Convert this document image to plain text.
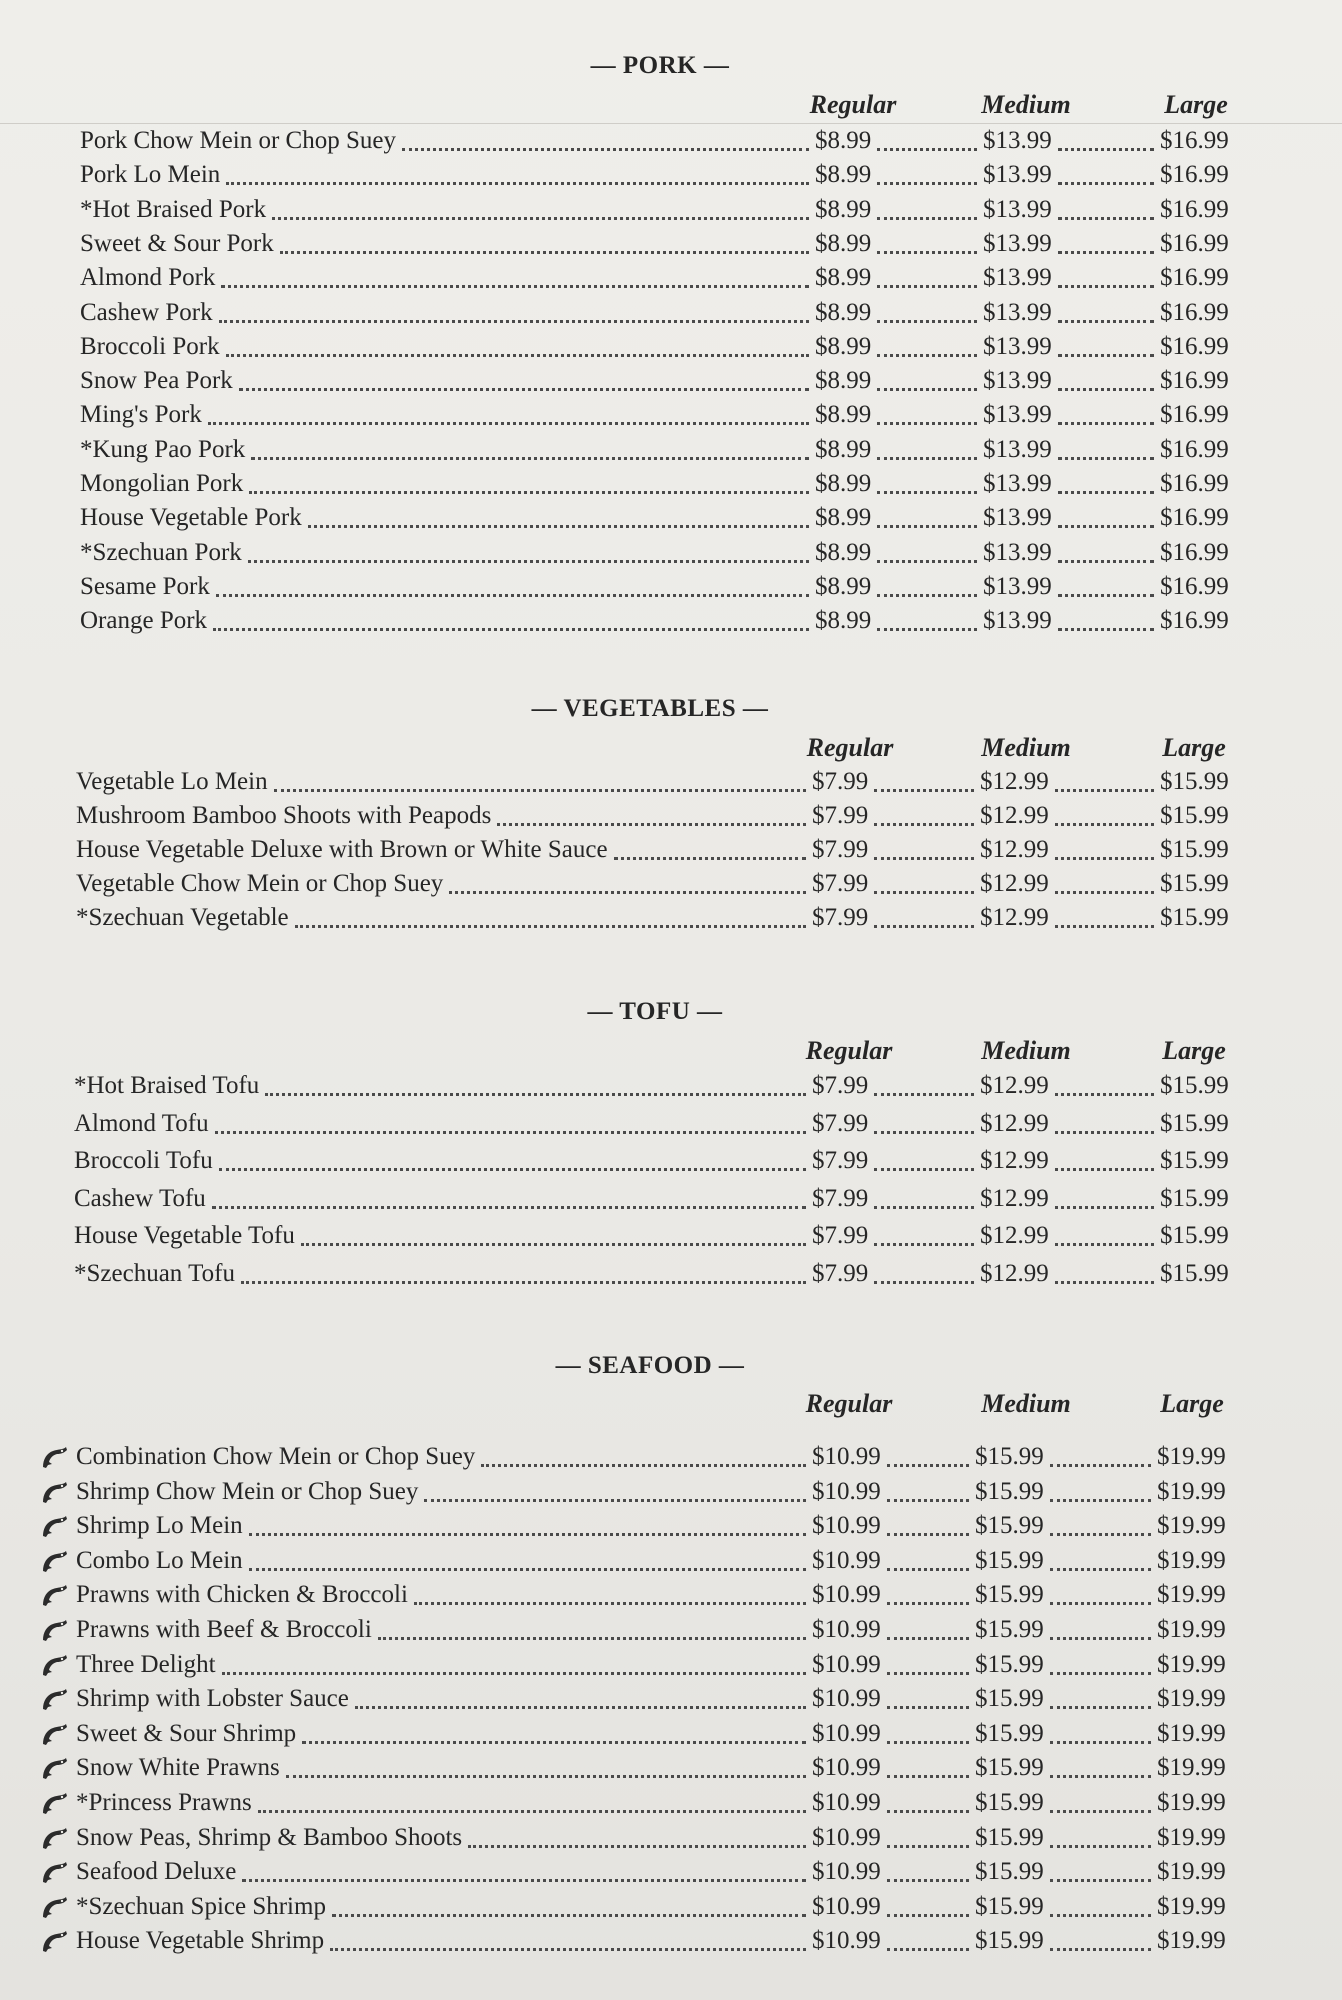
— PORK —
Regular	Medium	Large
Pork Chow Mein or Chop Suey	$8.99	$13.99	$16.99
Pork Lo Mein	$8.99	$13.99	$16.99
*Hot Braised Pork	$8.99	$13.99	$16.99
Sweet & Sour Pork	$8.99	$13.99	$16.99
Almond Pork	$8.99	$13.99	$16.99
Cashew Pork	$8.99	$13.99	$16.99
Broccoli Pork	$8.99	$13.99	$16.99
Snow Pea Pork	$8.99	$13.99	$16.99
Ming's Pork	$8.99	$13.99	$16.99
*Kung Pao Pork	$8.99	$13.99	$16.99
Mongolian Pork	$8.99	$13.99	$16.99
House Vegetable Pork	$8.99	$13.99	$16.99
*Szechuan Pork	$8.99	$13.99	$16.99
Sesame Pork	$8.99	$13.99	$16.99
Orange Pork	$8.99	$13.99	$16.99
— VEGETABLES —
Regular	Medium	Large
Vegetable Lo Mein	$7.99	$12.99	$15.99
Mushroom Bamboo Shoots with Peapods	$7.99	$12.99	$15.99
House Vegetable Deluxe with Brown or White Sauce	$7.99	$12.99	$15.99
Vegetable Chow Mein or Chop Suey	$7.99	$12.99	$15.99
*Szechuan Vegetable	$7.99	$12.99	$15.99
— TOFU —
Regular	Medium	Large
*Hot Braised Tofu	$7.99	$12.99	$15.99
Almond Tofu	$7.99	$12.99	$15.99
Broccoli Tofu	$7.99	$12.99	$15.99
Cashew Tofu	$7.99	$12.99	$15.99
House Vegetable Tofu	$7.99	$12.99	$15.99
*Szechuan Tofu	$7.99	$12.99	$15.99
— SEAFOOD —
Regular	Medium	Large
Combination Chow Mein or Chop Suey	$10.99	$15.99	$19.99
Shrimp Chow Mein or Chop Suey	$10.99	$15.99	$19.99
Shrimp Lo Mein	$10.99	$15.99	$19.99
Combo Lo Mein	$10.99	$15.99	$19.99
Prawns with Chicken & Broccoli	$10.99	$15.99	$19.99
Prawns with Beef & Broccoli	$10.99	$15.99	$19.99
Three Delight	$10.99	$15.99	$19.99
Shrimp with Lobster Sauce	$10.99	$15.99	$19.99
Sweet & Sour Shrimp	$10.99	$15.99	$19.99
Snow White Prawns	$10.99	$15.99	$19.99
*Princess Prawns	$10.99	$15.99	$19.99
Snow Peas, Shrimp & Bamboo Shoots	$10.99	$15.99	$19.99
Seafood Deluxe	$10.99	$15.99	$19.99
*Szechuan Spice Shrimp	$10.99	$15.99	$19.99
House Vegetable Shrimp	$10.99	$15.99	$19.99
